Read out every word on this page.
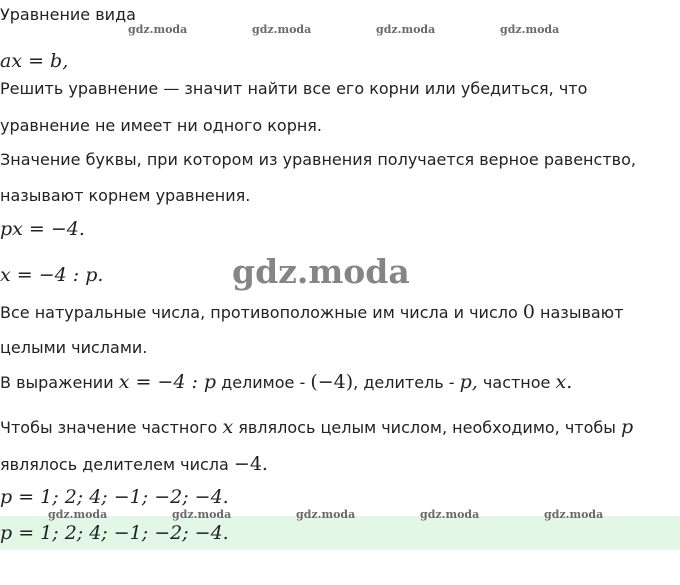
Уравнение вида
ax = b,
Решить уравнение — значит найти все его корни или убедиться, что
уравнение не имеет ни одного корня.
Значение буквы, при котором из уравнения получается верное равенство,
называют корнем уравнения.
px = −4.
x = −4 : p.
Все натуральные числа, противоположные им числа и число 0 называют
целыми числами.
В выражении x = −4 : p делимое - (−4), делитель - p, частное x.
Чтобы значение частного x являлось целым числом, необходимо, чтобы p
являлось делителем числа −4.
p = 1; 2; 4; −1; −2; −4.
p = 1; 2; 4; −1; −2; −4.
gdz.moda	gdz.moda	gdz.moda	gdz.moda
gdz.moda
gdz.moda	gdz.moda	gdz.moda	gdz.moda	gdz.moda
